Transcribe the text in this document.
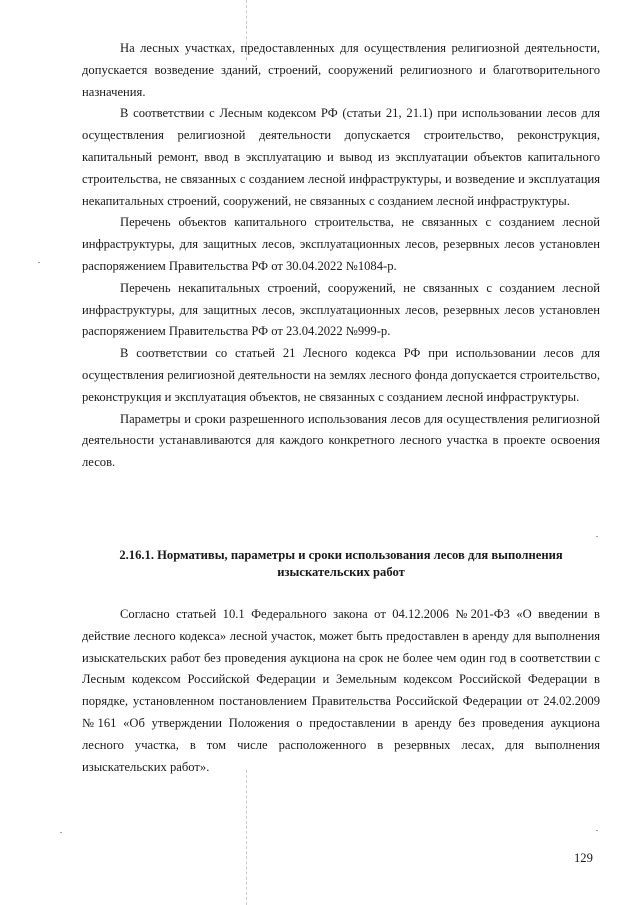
На лесных участках, предоставленных для осуществления религиозной деятельности, допускается возведение зданий, строений, сооружений религиозного и благотворительного назначения.

В соответствии с Лесным кодексом РФ (статьи 21, 21.1) при использовании лесов для осуществления религиозной деятельности допускается строительство, реконструкция, капитальный ремонт, ввод в эксплуатацию и вывод из эксплуатации объектов капитального строительства, не связанных с созданием лесной инфраструктуры, и возведение и эксплуатация некапитальных строений, сооружений, не связанных с созданием лесной инфраструктуры.

Перечень объектов капитального строительства, не связанных с созданием лесной инфраструктуры, для защитных лесов, эксплуатационных лесов, резервных лесов установлен распоряжением Правительства РФ от 30.04.2022 №1084-р.

Перечень некапитальных строений, сооружений, не связанных с созданием лесной инфраструктуры, для защитных лесов, эксплуатационных лесов, резервных лесов установлен распоряжением Правительства РФ от 23.04.2022 №999-р.

В соответствии со статьей 21 Лесного кодекса РФ при использовании лесов для осуществления религиозной деятельности на землях лесного фонда допускается строительство, реконструкция и эксплуатация объектов, не связанных с созданием лесной инфраструктуры.

Параметры и сроки разрешенного использования лесов для осуществления религиозной деятельности устанавливаются для каждого конкретного лесного участка в проекте освоения лесов.

2.16.1. Нормативы, параметры и сроки использования лесов для выполнения изыскательских работ

Согласно статьей 10.1 Федерального закона от 04.12.2006 №201-ФЗ «О введении в действие лесного кодекса» лесной участок, может быть предоставлен в аренду для выполнения изыскательских работ без проведения аукциона на срок не более чем один год в соответствии с Лесным кодексом Российской Федерации и Земельным кодексом Российской Федерации в порядке, установленном постановлением Правительства Российской Федерации от 24.02.2009 №161 «Об утверждении Положения о предоставлении в аренду без проведения аукциона лесного участка, в том числе расположенного в резервных лесах, для выполнения изыскательских работ».

129
